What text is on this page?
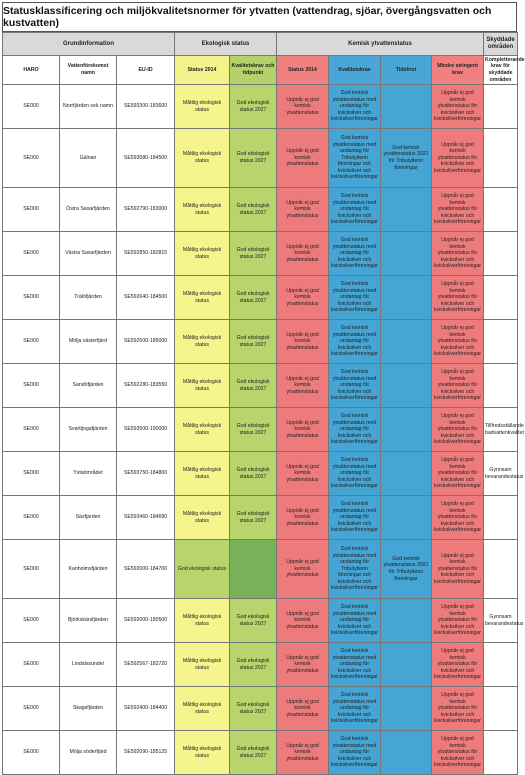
Statusklassificering och miljökvalitetsnormer för ytvatten (vattendrag, sjöar, övergångsvatten och kustvatten)
Grundinformation			Ekologisk status		Kemisk ytvattenstatus				Skyddade områden
HARO	Vattenförekomst namn	EU-ID	Status 2014	Kvalitetskrav och tidpunkt	Status 2014	Kvalitetskrav	Tidsfrist	Mindre stringent krav	Kompletterande krav för skyddade områden
SE000	Norrfjärden sek namn	SE593300-183600	Måttlig ekologisk status	God ekologisk status 2027	Uppnår ej god kemisk ytvattenstatus	God kemisk ytvattenstatus med undantag för kvicksilver och kvicksilverföreningar		Uppnår ej god kemisk ytvattenstatus för kvicksilver och kvicksilverföreningar	
SE000	Gälnan	SE593080-184500	Måttlig ekologisk status	God ekologisk status 2027	Uppnår ej god kemisk ytvattenstatus	God kemisk ytvattenstatus med undantag för Tributyltenn föreningar och kvicksilver och kvicksilverföreningar	God kemisk ytvattenstatus 2021 för Tributyltenn föreningar	Uppnår ej god kemisk ytvattenstatus för kvicksilver och kvicksilverföreningar	
SE000	Östra Saxarfjärden	SE592790-183000	Måttlig ekologisk status	God ekologisk status 2027	Uppnår ej god kemisk ytvattenstatus	God kemisk ytvattenstatus med undantag för kvicksilver och kvicksilverföreningar		Uppnår ej god kemisk ytvattenstatus för kvicksilver och kvicksilverföreningar	
SE000	Västra Saxarfjärden	SE592850-182815	Måttlig ekologisk status	God ekologisk status 2027	Uppnår ej god kemisk ytvattenstatus	God kemisk ytvattenstatus med undantag för kvicksilver och kvicksilverföreningar		Uppnår ej god kemisk ytvattenstatus för kvicksilver och kvicksilverföreningar	
SE000	Trälöfjärden	SE592640-184500	Måttlig ekologisk status	God ekologisk status 2027	Uppnår ej god kemisk ytvattenstatus	God kemisk ytvattenstatus med undantag för kvicksilver och kvicksilverföreningar		Uppnår ej god kemisk ytvattenstatus för kvicksilver och kvicksilverföreningar	
SE000	Mölja västerfjärd	SE592500-185000	Måttlig ekologisk status	God ekologisk status 2027	Uppnår ej god kemisk ytvattenstatus	God kemisk ytvattenstatus med undantag för kvicksilver och kvicksilverföreningar		Uppnår ej god kemisk ytvattenstatus för kvicksilver och kvicksilverföreningar	
SE000	Sandöfjärden	SE592280-183550	Måttlig ekologisk status	God ekologisk status 2027	Uppnår ej god kemisk ytvattenstatus	God kemisk ytvattenstatus med undantag för kvicksilver och kvicksilverföreningar		Uppnår ej god kemisk ytvattenstatus för kvicksilver och kvicksilverföreningar	
SE000	Svartljogafjärden	SE593500-190000	Måttlig ekologisk status	God ekologisk status 2027	Uppnår ej god kemisk ytvattenstatus	God kemisk ytvattenstatus med undantag för kvicksilver och kvicksilverföreningar		Uppnår ej god kemisk ytvattenstatus för kvicksilver och kvicksilverföreningar	Tillfredsställande badvattenkvalitet
SE000	Ystaömrådet	SE593750-184800	Måttlig ekologisk status	God ekologisk status 2027	Uppnår ej god kemisk ytvattenstatus	God kemisk ytvattenstatus med undantag för kvicksilver och kvicksilverföreningar		Uppnår ej god kemisk ytvattenstatus för kvicksilver och kvicksilverföreningar	Gynnsam bevarandestatus
SE000	Säxfjärden	SE593460-184690	Måttlig ekologisk status	God ekologisk status 2027	Uppnår ej god kemisk ytvattenstatus	God kemisk ytvattenstatus med undantag för kvicksilver och kvicksilverföreningar		Uppnår ej god kemisk ytvattenstatus för kvicksilver och kvicksilverföreningar	
SE000	Kanholmsfjärden	SE592000-184700	God ekologisk status		Uppnår ej god kemisk ytvattenstatus	God kemisk ytvattenstatus med undantag för Tributyltenn föreningar och kvicksilver och kvicksilverföreningar	God kemisk ytvattenstatus 2021 för Tributyltenn föreningar	Uppnår ej god kemisk ytvattenstatus för kvicksilver och kvicksilverföreningar	
SE000	Björkskärsfjärden	SE592000-180500	Måttlig ekologisk status	God ekologisk status 2027	Uppnår ej god kemisk ytvattenstatus	God kemisk ytvattenstatus med undantag för kvicksilver och kvicksilverföreningar		Uppnår ej god kemisk ytvattenstatus för kvicksilver och kvicksilverföreningar	Gynnsam bevarandestatus
SE000	Lindalssundet	SE592567-182720	Måttlig ekologisk status	God ekologisk status 2027	Uppnår ej god kemisk ytvattenstatus	God kemisk ytvattenstatus med undantag för kvicksilver och kvicksilverföreningar		Uppnår ej god kemisk ytvattenstatus för kvicksilver och kvicksilverföreningar	
SE000	Skagsfjärden	SE592400-184400	Måttlig ekologisk status	God ekologisk status 2027	Uppnår ej god kemisk ytvattenstatus	God kemisk ytvattenstatus med undantag för kvicksilver och kvicksilverföreningar		Uppnår ej god kemisk ytvattenstatus för kvicksilver och kvicksilverföreningar	
SE000	Mölja söderfjärd	SE592090-185125	Måttlig ekologisk status	God ekologisk status 2027	Uppnår ej god kemisk ytvattenstatus	God kemisk ytvattenstatus med undantag för kvicksilver och kvicksilverföreningar		Uppnår ej god kemisk ytvattenstatus för kvicksilver och kvicksilverföreningar	
